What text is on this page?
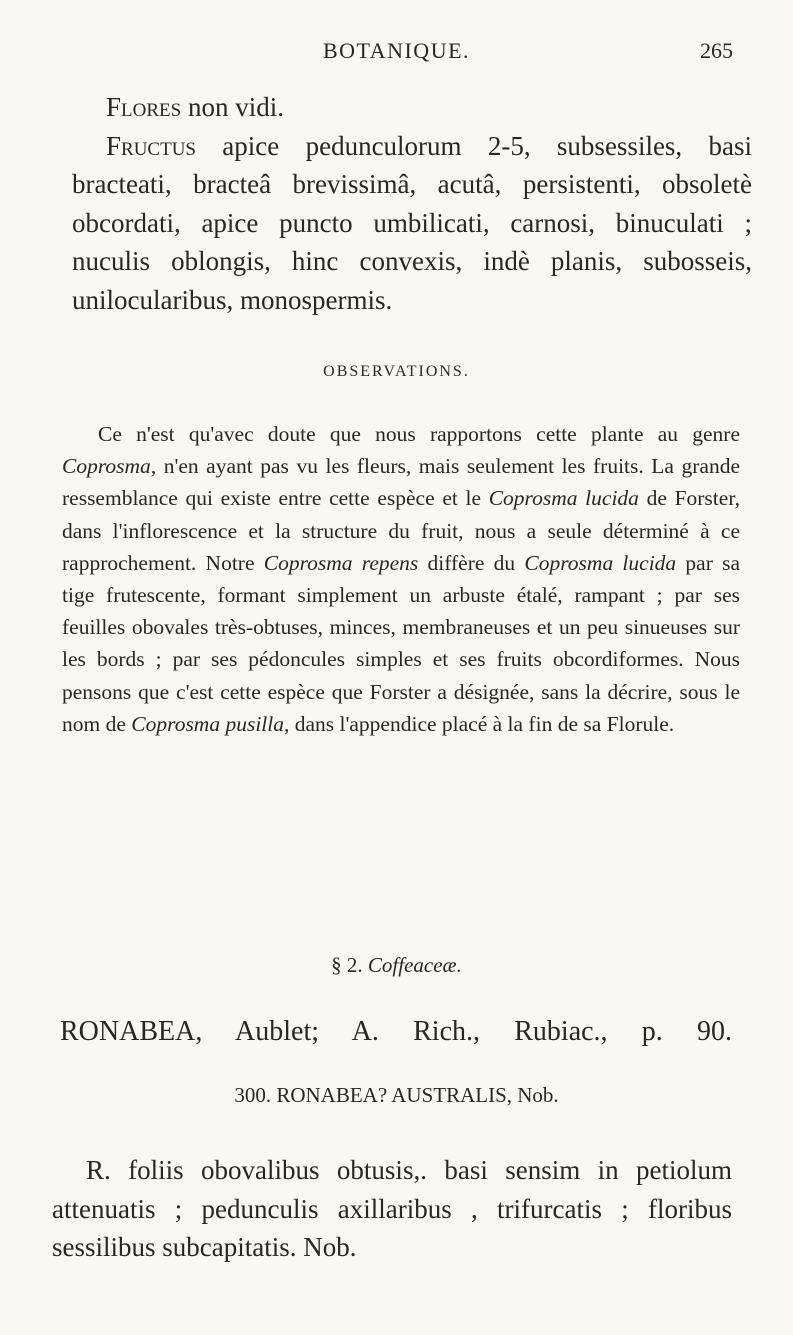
BOTANIQUE.	265

Flores non vidi.

Fructus apice pedunculorum 2-5, subsessiles, basi bracteati, bracteâ brevissimâ, acutâ, persistenti, obsoletè obcordati, apice puncto umbilicati, carnosi, binuculati ; nuculis oblongis, hinc convexis, indè planis, subosseis, unilocularibus, monospermis.

OBSERVATIONS.

Ce n'est qu'avec doute que nous rapportons cette plante au genre Coprosma, n'en ayant pas vu les fleurs, mais seulement les fruits. La grande ressemblance qui existe entre cette espèce et le Coprosma lucida de Forster, dans l'inflorescence et la structure du fruit, nous a seule déterminé à ce rapprochement. Notre Coprosma repens diffère du Coprosma lucida par sa tige frutescente, formant simplement un arbuste étalé, rampant ; par ses feuilles obovales très-obtuses, minces, membraneuses et un peu sinueuses sur les bords ; par ses pédoncules simples et ses fruits obcordiformes. Nous pensons que c'est cette espèce que Forster a désignée, sans la décrire, sous le nom de Coprosma pusilla, dans l'appendice placé à la fin de sa Florule.

§ 2. Coffeaceæ.
RONABEA, Aublet; A. Rich., Rubiac., p. 90.
300. RONABEA? AUSTRALIS, Nob.

R. foliis obovalibus obtusis,. basi sensim in petiolum attenuatis ; pedunculis axillaribus , trifurcatis ; floribus sessilibus subcapitatis. Nob.
